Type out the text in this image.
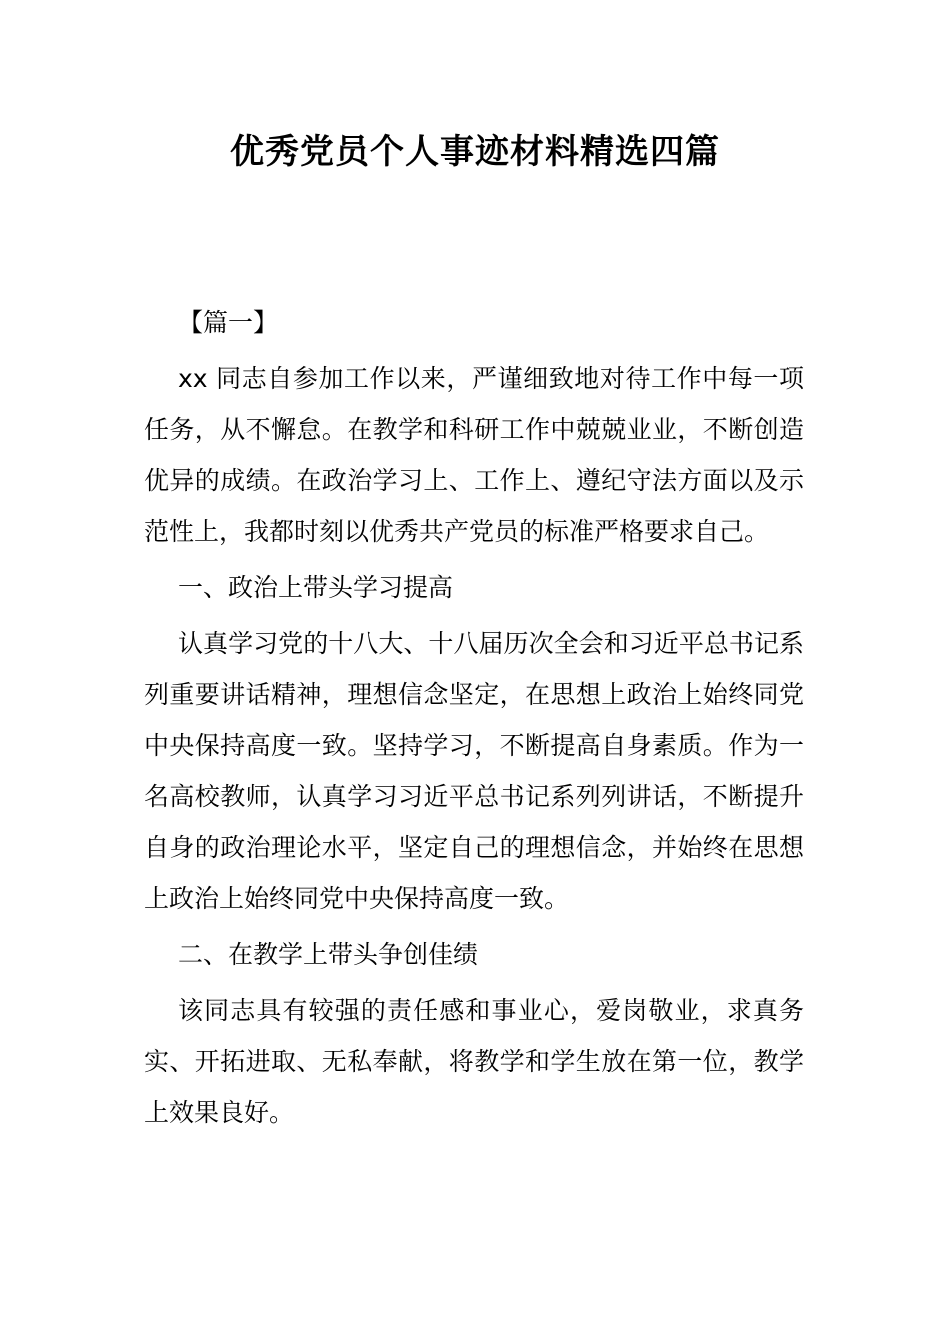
优秀党员个人事迹材料精选四篇

【篇一】

xx 同志自参加工作以来，严谨细致地对待工作中每一项任务，从不懈怠。在教学和科研工作中兢兢业业，不断创造优异的成绩。在政治学习上、工作上、遵纪守法方面以及示范性上，我都时刻以优秀共产党员的标准严格要求自己。

一、政治上带头学习提高

认真学习党的十八大、十八届历次全会和习近平总书记系列重要讲话精神，理想信念坚定，在思想上政治上始终同党中央保持高度一致。坚持学习，不断提高自身素质。作为一名高校教师，认真学习习近平总书记系列列讲话，不断提升自身的政治理论水平，坚定自己的理想信念，并始终在思想上政治上始终同党中央保持高度一致。

二、在教学上带头争创佳绩

该同志具有较强的责任感和事业心，爱岗敬业，求真务实、开拓进取、无私奉献，将教学和学生放在第一位，教学上效果良好。
